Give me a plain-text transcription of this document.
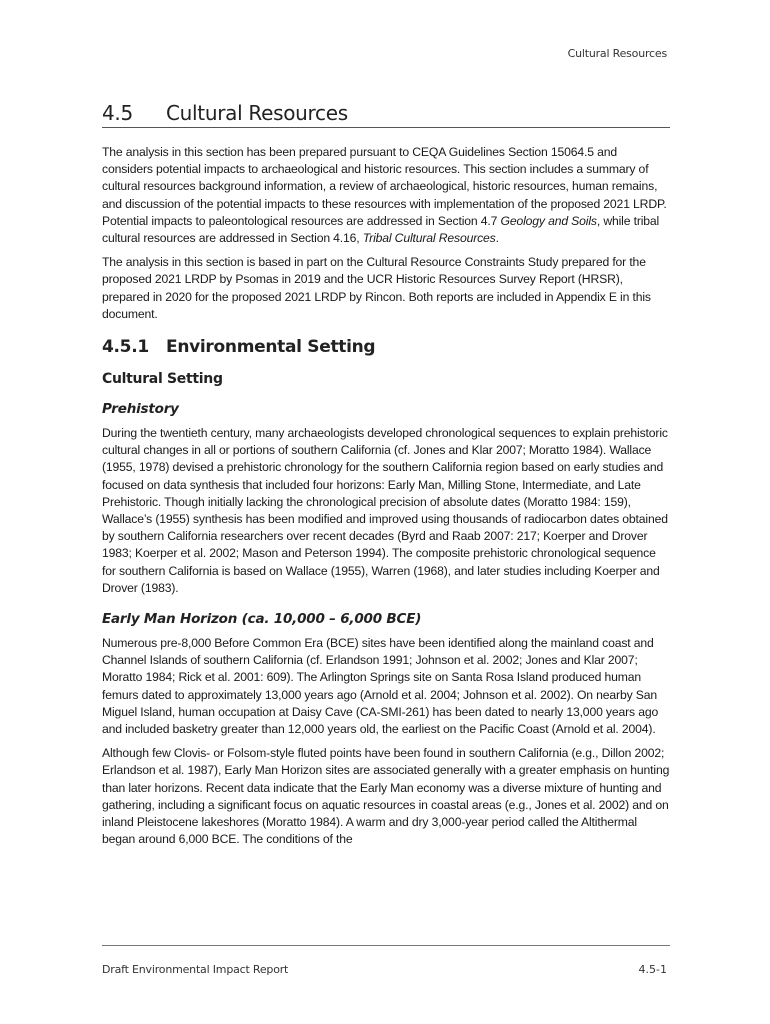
Cultural Resources
4.5	Cultural Resources

The analysis in this section has been prepared pursuant to CEQA Guidelines Section 15064.5 and considers potential impacts to archaeological and historic resources. This section includes a summary of cultural resources background information, a review of archaeological, historic resources, human remains, and discussion of the potential impacts to these resources with implementation of the proposed 2021 LRDP. Potential impacts to paleontological resources are addressed in Section 4.7 Geology and Soils, while tribal cultural resources are addressed in Section 4.16, Tribal Cultural Resources.

The analysis in this section is based in part on the Cultural Resource Constraints Study prepared for the proposed 2021 LRDP by Psomas in 2019 and the UCR Historic Resources Survey Report (HRSR), prepared in 2020 for the proposed 2021 LRDP by Rincon. Both reports are included in Appendix E in this document.

4.5.1	Environmental Setting
Cultural Setting
Prehistory

During the twentieth century, many archaeologists developed chronological sequences to explain prehistoric cultural changes in all or portions of southern California (cf. Jones and Klar 2007; Moratto 1984). Wallace (1955, 1978) devised a prehistoric chronology for the southern California region based on early studies and focused on data synthesis that included four horizons: Early Man, Milling Stone, Intermediate, and Late Prehistoric. Though initially lacking the chronological precision of absolute dates (Moratto 1984: 159), Wallace’s (1955) synthesis has been modified and improved using thousands of radiocarbon dates obtained by southern California researchers over recent decades (Byrd and Raab 2007: 217; Koerper and Drover 1983; Koerper et al. 2002; Mason and Peterson 1994). The composite prehistoric chronological sequence for southern California is based on Wallace (1955), Warren (1968), and later studies including Koerper and Drover (1983).

Early Man Horizon (ca. 10,000 – 6,000 BCE)

Numerous pre-8,000 Before Common Era (BCE) sites have been identified along the mainland coast and Channel Islands of southern California (cf. Erlandson 1991; Johnson et al. 2002; Jones and Klar 2007; Moratto 1984; Rick et al. 2001: 609). The Arlington Springs site on Santa Rosa Island produced human femurs dated to approximately 13,000 years ago (Arnold et al. 2004; Johnson et al. 2002). On nearby San Miguel Island, human occupation at Daisy Cave (CA-SMI-261) has been dated to nearly 13,000 years ago and included basketry greater than 12,000 years old, the earliest on the Pacific Coast (Arnold et al. 2004).

Although few Clovis- or Folsom-style fluted points have been found in southern California (e.g., Dillon 2002; Erlandson et al. 1987), Early Man Horizon sites are associated generally with a greater emphasis on hunting than later horizons. Recent data indicate that the Early Man economy was a diverse mixture of hunting and gathering, including a significant focus on aquatic resources in coastal areas (e.g., Jones et al. 2002) and on inland Pleistocene lakeshores (Moratto 1984). A warm and dry 3,000-year period called the Altithermal began around 6,000 BCE. The conditions of the

Draft Environmental Impact Report	4.5-1
